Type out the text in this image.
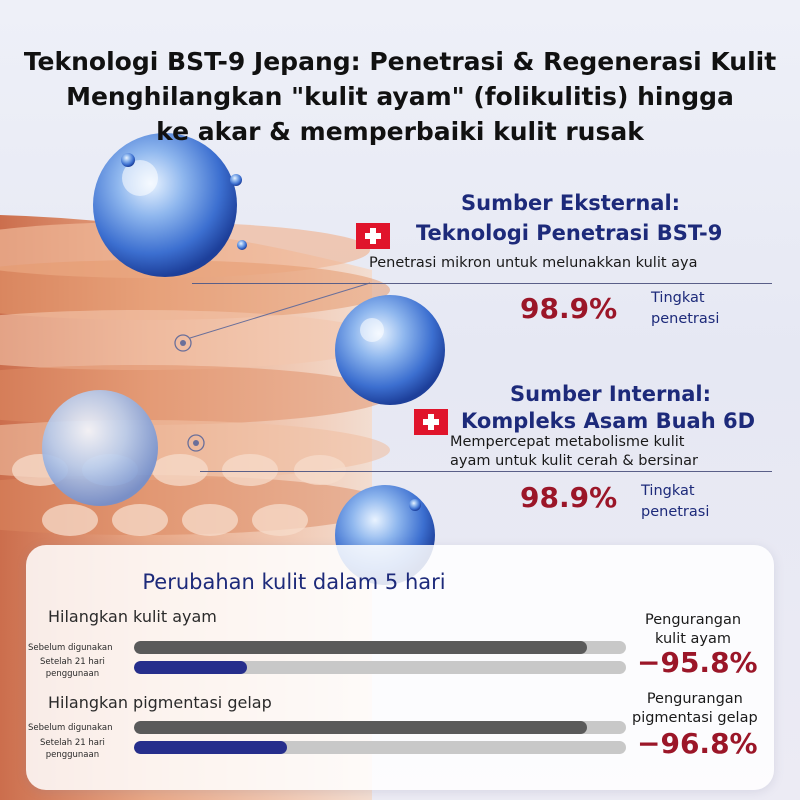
Teknologi BST-9 Jepang: Penetrasi & Regenerasi Kulit
Menghilangkan "kulit ayam" (folikulitis) hingga
ke akar & memperbaiki kulit rusak
Sumber Eksternal:
Teknologi Penetrasi BST-9
Penetrasi mikron untuk melunakkan kulit aya
98.9% Tingkat
penetrasi
Sumber Internal:
Kompleks Asam Buah 6D
Mempercepat metabolisme kulit
ayam untuk kulit cerah & bersinar
98.9% Tingkat
penetrasi
Perubahan kulit dalam 5 hari
Hilangkan kulit ayam
Sebelum digunakan
Setelah 21 hari
penggunaan
Pengurangan
kulit ayam
−95.8%
Hilangkan pigmentasi gelap
Sebelum digunakan
Setelah 21 hari
penggunaan
Pengurangan
pigmentasi gelap
−96.8%
